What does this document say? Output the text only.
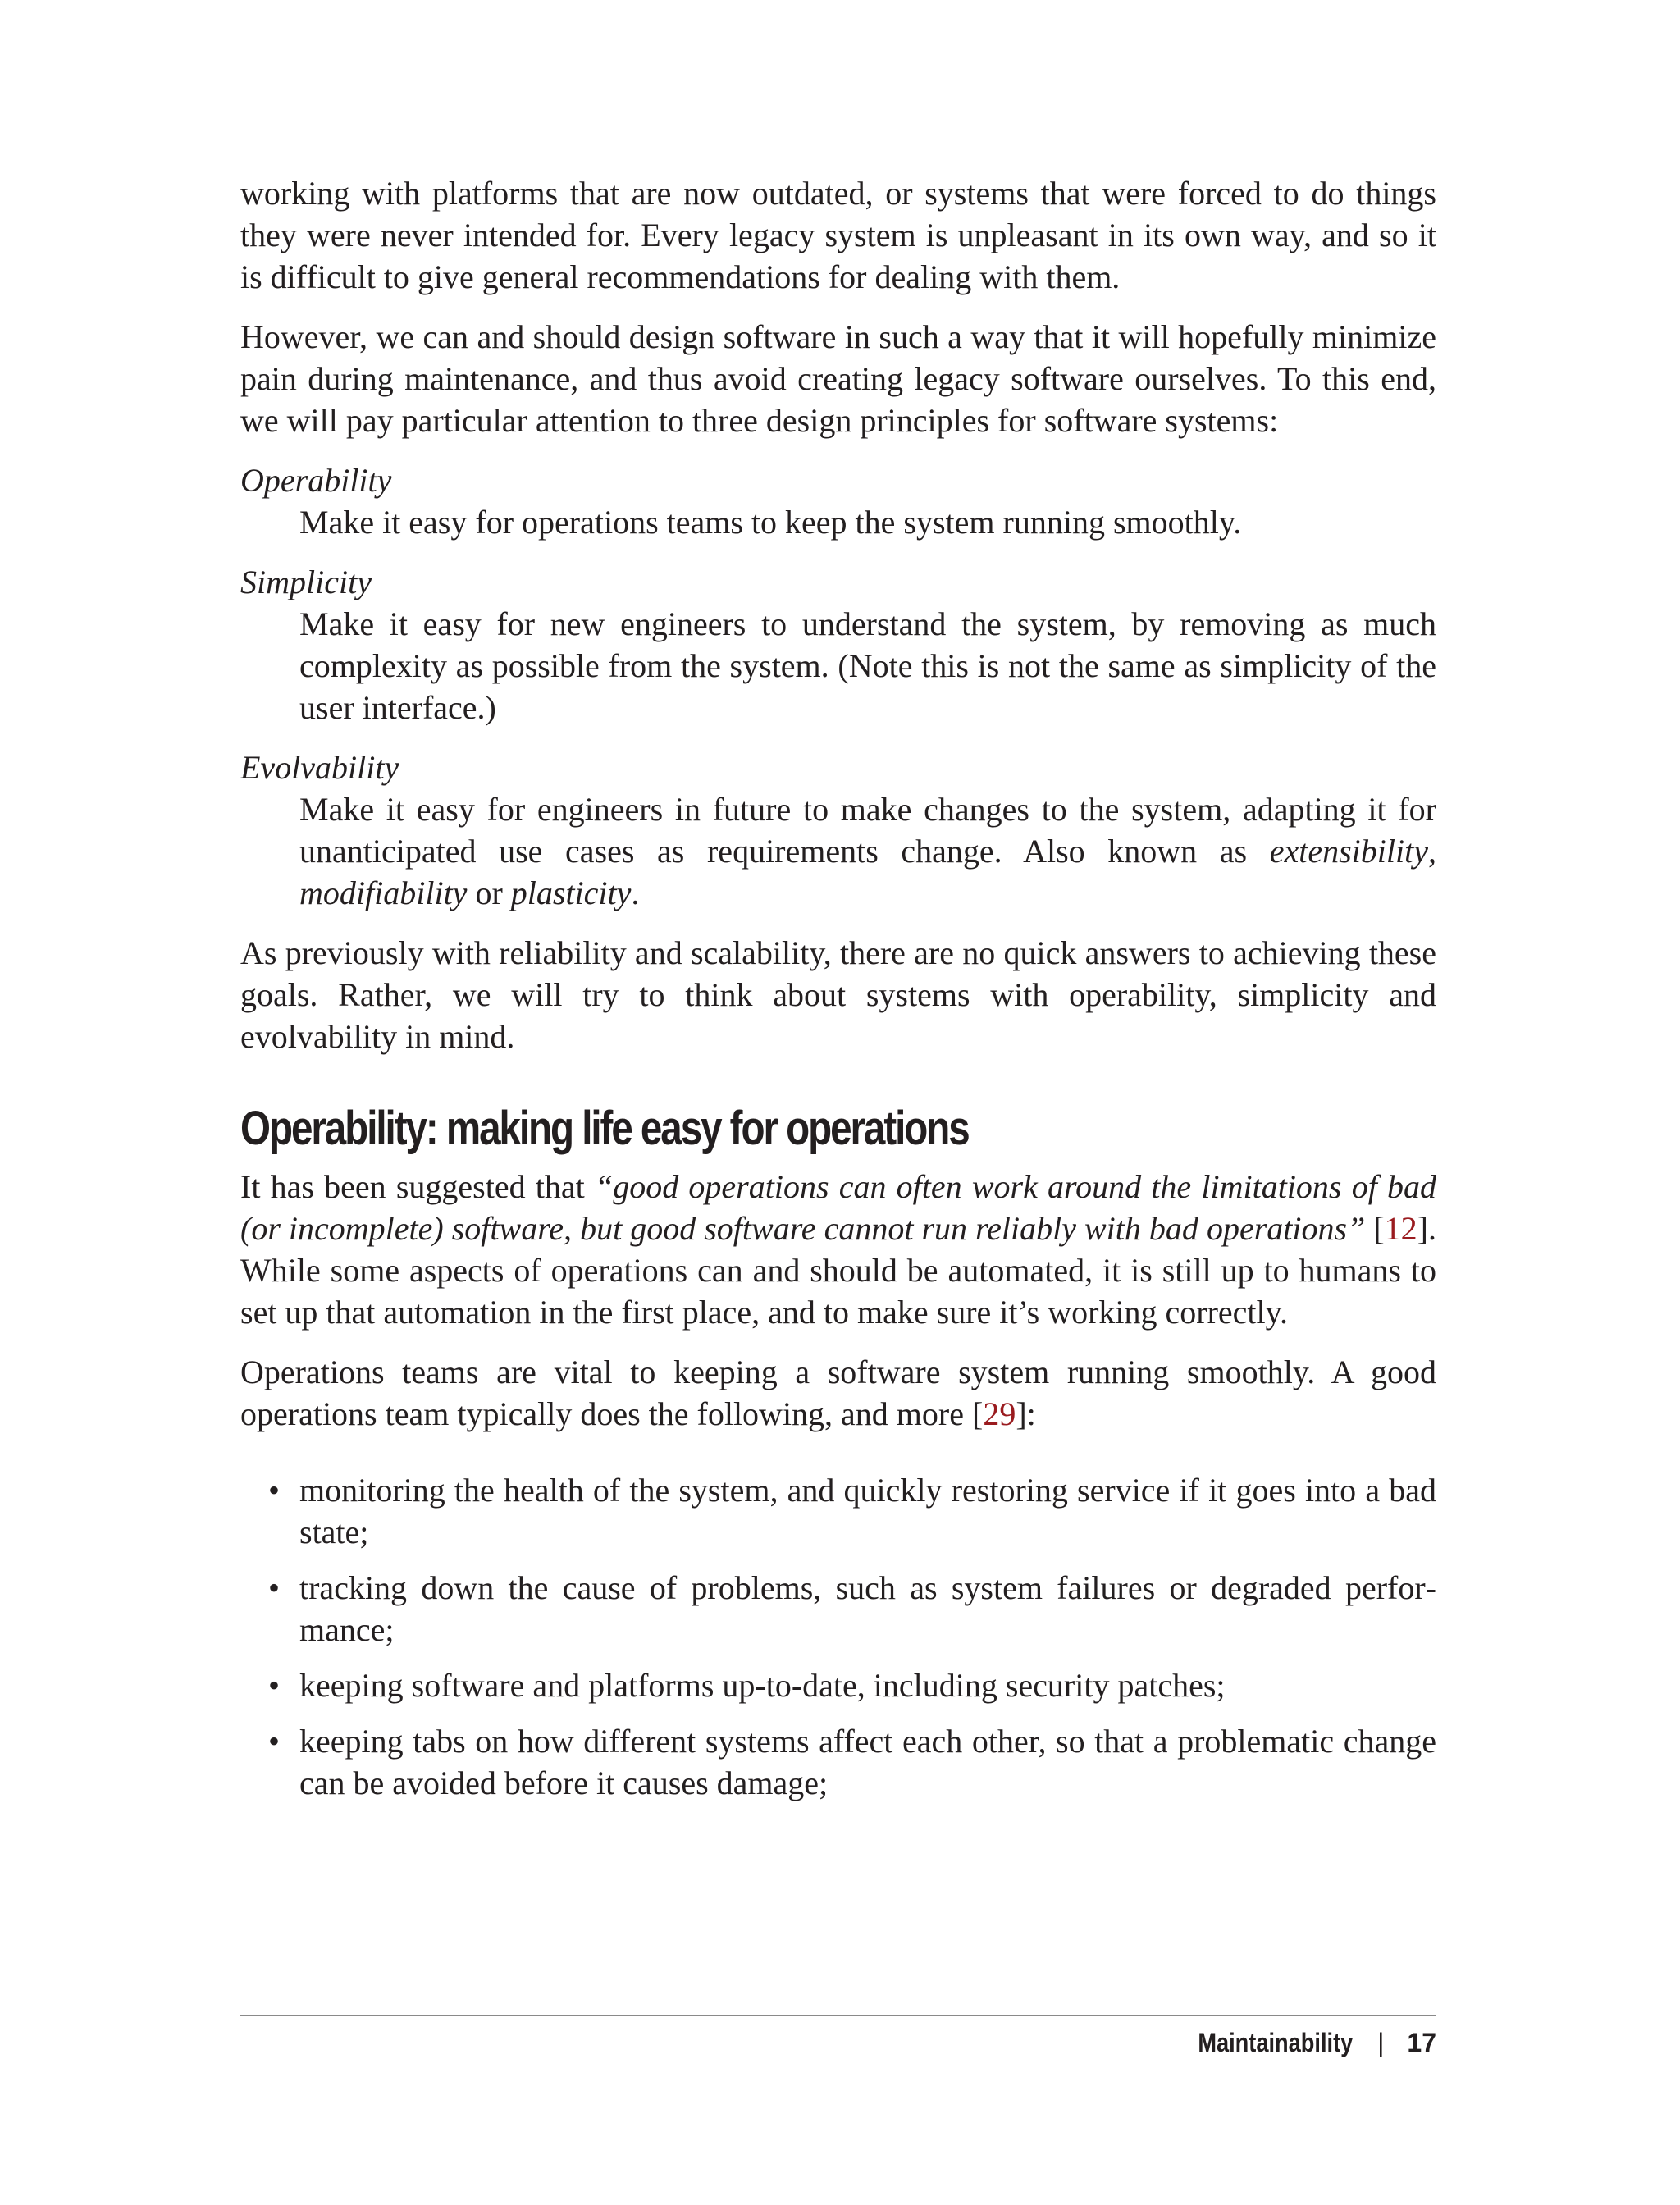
working with platforms that are now outdated, or systems that were forced to do things they were never intended for. Every legacy system is unpleasant in its own way, and so it is difficult to give general recommendations for dealing with them.

However, we can and should design software in such a way that it will hopefully minimize pain during maintenance, and thus avoid creating legacy software ourselves. To this end, we will pay particular attention to three design principles for software systems:

Operability
Make it easy for operations teams to keep the system running smoothly.
Simplicity
Make it easy for new engineers to understand the system, by removing as much complexity as possible from the system. (Note this is not the same as simplicity of the user interface.)
Evolvability
Make it easy for engineers in future to make changes to the system, adapting it for unanticipated use cases as requirements change. Also known as extensibility, modifiability or plasticity.

As previously with reliability and scalability, there are no quick answers to achieving these goals. Rather, we will try to think about systems with operability, simplicity and evolvability in mind.

Operability: making life easy for operations

It has been suggested that “good operations can often work around the limitations of bad (or incomplete) software, but good software cannot run reliably with bad operations” [12]. While some aspects of operations can and should be automated, it is still up to humans to set up that automation in the first place, and to make sure it’s working correctly.

Operations teams are vital to keeping a software system running smoothly. A good operations team typically does the following, and more [29]:

• monitoring the health of the system, and quickly restoring service if it goes into a bad state;
• tracking down the cause of problems, such as system failures or degraded performance;
• keeping software and platforms up-to-date, including security patches;
• keeping tabs on how different systems affect each other, so that a problematic change can be avoided before it causes damage;
Maintainability | 17
